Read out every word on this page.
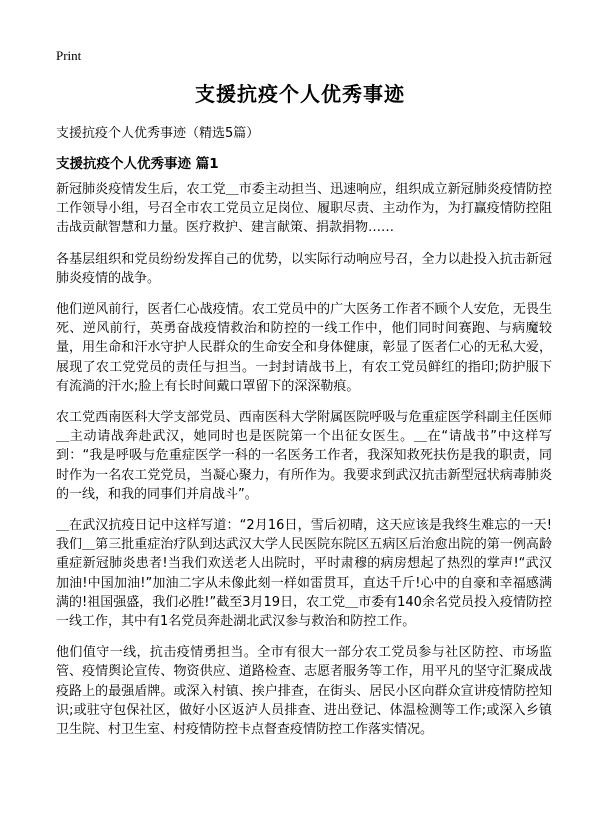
Print
支援抗疫个人优秀事迹
支援抗疫个人优秀事迹（精选5篇）
支援抗疫个人优秀事迹 篇1

新冠肺炎疫情发生后，农工党＿市委主动担当、迅速响应，组织成立新冠肺炎疫情防控工作领导小组，号召全市农工党员立足岗位、履职尽责、主动作为，为打赢疫情防控阻击战贡献智慧和力量。医疗救护、建言献策、捐款捐物……

各基层组织和党员纷纷发挥自己的优势，以实际行动响应号召，全力以赴投入抗击新冠肺炎疫情的战争。

他们逆风前行，医者仁心战疫情。农工党员中的广大医务工作者不顾个人安危，无畏生死、逆风前行，英勇奋战疫情救治和防控的一线工作中，他们同时间赛跑、与病魔较量，用生命和汗水守护人民群众的生命安全和身体健康，彰显了医者仁心的无私大爱，展现了农工党党员的责任与担当。一封封请战书上，有农工党员鲜红的指印;防护服下有流淌的汗水;脸上有长时间戴口罩留下的深深勒痕。

农工党西南医科大学支部党员、西南医科大学附属医院呼吸与危重症医学科副主任医师＿主动请战奔赴武汉，她同时也是医院第一个出征女医生。＿在“请战书”中这样写到：“我是呼吸与危重症医学一科的一名医务工作者，我深知救死扶伤是我的职责，同时作为一名农工党党员，当凝心聚力，有所作为。我要求到武汉抗击新型冠状病毒肺炎的一线，和我的同事们并肩战斗”。

＿在武汉抗疫日记中这样写道：“2月16日，雪后初晴，这天应该是我终生难忘的一天!我们＿第三批重症治疗队到达武汉大学人民医院东院区五病区后治愈出院的第一例高龄重症新冠肺炎患者!当我们欢送老人出院时，平时肃穆的病房想起了热烈的掌声!“武汉加油!中国加油!”加油二字从未像此刻一样如雷贯耳，直达千斤!心中的自豪和幸福感满满的!祖国强盛，我们必胜!”截至3月19日，农工党＿市委有140余名党员投入疫情防控一线工作，其中有1名党员奔赴湖北武汉参与救治和防控工作。

他们值守一线，抗击疫情勇担当。全市有很大一部分农工党员参与社区防控、市场监管、疫情舆论宣传、物资供应、道路检查、志愿者服务等工作，用平凡的坚守汇聚成战疫路上的最强盾牌。或深入村镇、挨户排查，在街头、居民小区向群众宣讲疫情防控知识;或驻守包保社区，做好小区返泸人员排查、进出登记、体温检测等工作;或深入乡镇卫生院、村卫生室、村疫情防控卡点督查疫情防控工作落实情况。
